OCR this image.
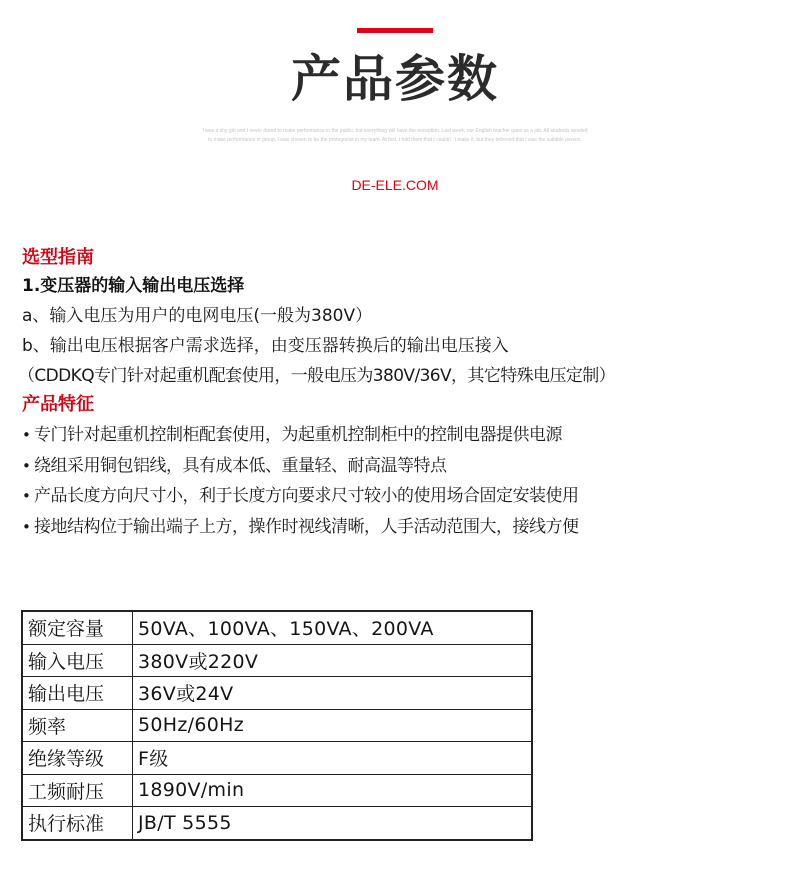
产品参数
I was a shy girl and I never dared to make performance in the public, but everything will have the exception. Last week, our English teacher gave us a job. All students needed to make performance in group. I was chosen to be the protagonist in my team. At first, I told them that I couldn ' t make it, but they believed that I was the suitable person.
DE-ELE.COM
选型指南
1.变压器的输入输出电压选择
a、输入电压为用户的电网电压(一般为380V）
b、输出电压根据客户需求选择，由变压器转换后的输出电压接入
（CDDKQ专门针对起重机配套使用，一般电压为380V/36V，其它特殊电压定制）
产品特征
• 专门针对起重机控制柜配套使用，为起重机控制柜中的控制电器提供电源
• 绕组采用铜包铝线，具有成本低、重量轻、耐高温等特点
• 产品长度方向尺寸小，利于长度方向要求尺寸较小的使用场合固定安装使用
• 接地结构位于输出端子上方，操作时视线清晰，人手活动范围大，接线方便
额定容量	50VA、100VA、150VA、200VA
输入电压	380V或220V
输出电压	36V或24V
频率	50Hz/60Hz
绝缘等级	F级
工频耐压	1890V/min
执行标准	JB/T 5555
